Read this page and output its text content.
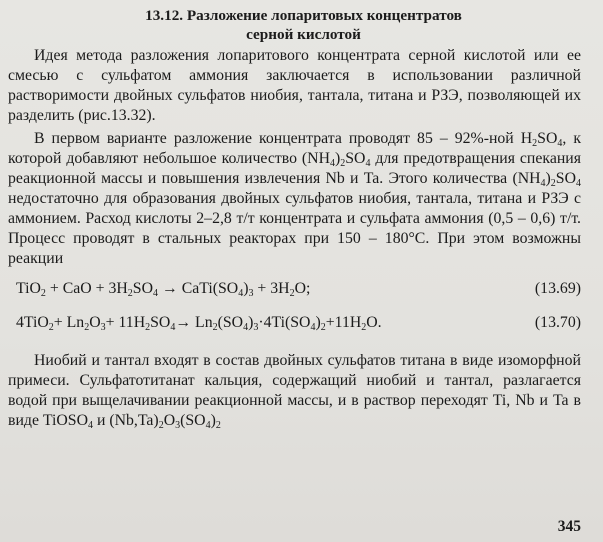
13.12. Разложение лопаритовых концентратов
серной кислотой

Идея метода разложения лопаритового концентрата серной кислотой или ее смесью с сульфатом аммония заключается в использовании различной растворимости двойных сульфатов ниобия, тантала, титана и РЗЭ, позволяющей их разделить (рис.13.32).

В первом варианте разложение концентрата проводят 85 – 92%-ной $H_2SO_4$, к которой добавляют небольшое количество $(NH_4)_2SO_4$ для предотвращения спекания реакционной массы и повышения извлечения Nb и Ta. Этого количества $(NH_4)_2SO_4$ недостаточно для образования двойных сульфатов ниобия, тантала, титана и РЗЭ с аммонием. Расход кислоты 2–2,8 т/т концентрата и сульфата аммония (0,5 – 0,6) т/т. Процесс проводят в стальных реакторах при 150 – 180°С. При этом возможны реакции

TiO$_2$ + CaO + $3H_2SO_4$ → $CaTi(SO_4)_3 + 3H_2O$;	(13.69)
$4TiO_2+ Ln_2O_3+ 11H_2SO_4\to Ln_2(SO_4)_3\cdot 4Ti(SO_4)_2+11H_2O$.	(13.70)

Ниобий и тантал входят в состав двойных сульфатов титана в виде изоморфной примеси. Сульфатотитанат кальция, содержащий ниобий и тантал, разлагается водой при выщелачивании реакционной массы, и в раствор переходят Ti, Nb и Ta в виде TiOSO$_4$ и $(Nb,Ta)_2O_3(SO_4)_2$

345
